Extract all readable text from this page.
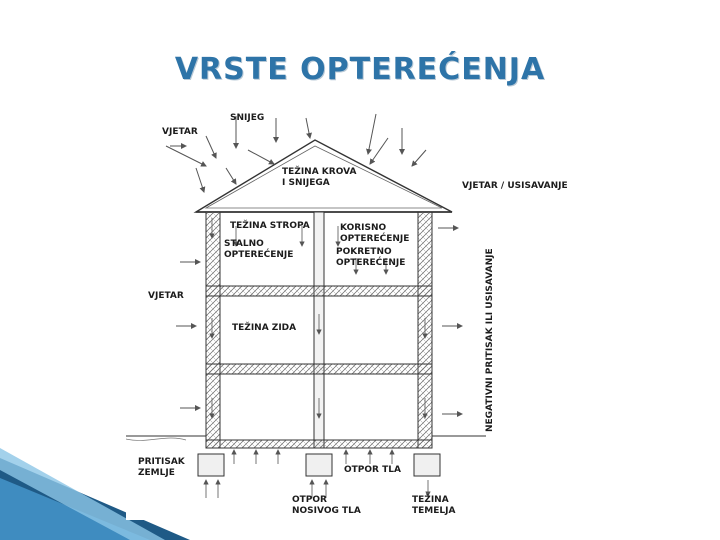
VRSTE OPTEREĆENJA
SNIJEG
VJETAR
TEŽINA KROVA
I SNIJEGA	VJETAR / USISAVANJE
TEŽINA STROPA
STALNO
OPTEREĆENJE
KORISNO
OPTEREĆENJE
POKRETNO
OPTEREĆENJE	NEGATIVNI PRITISAK ILI USISAVANJE
VJETAR
TEŽINA ZIDA
PRITISAK
ZEMLJE	OTPOR TLA
OTPOR
NOSIVOG TLA
TEŽINA
TEMELJA
